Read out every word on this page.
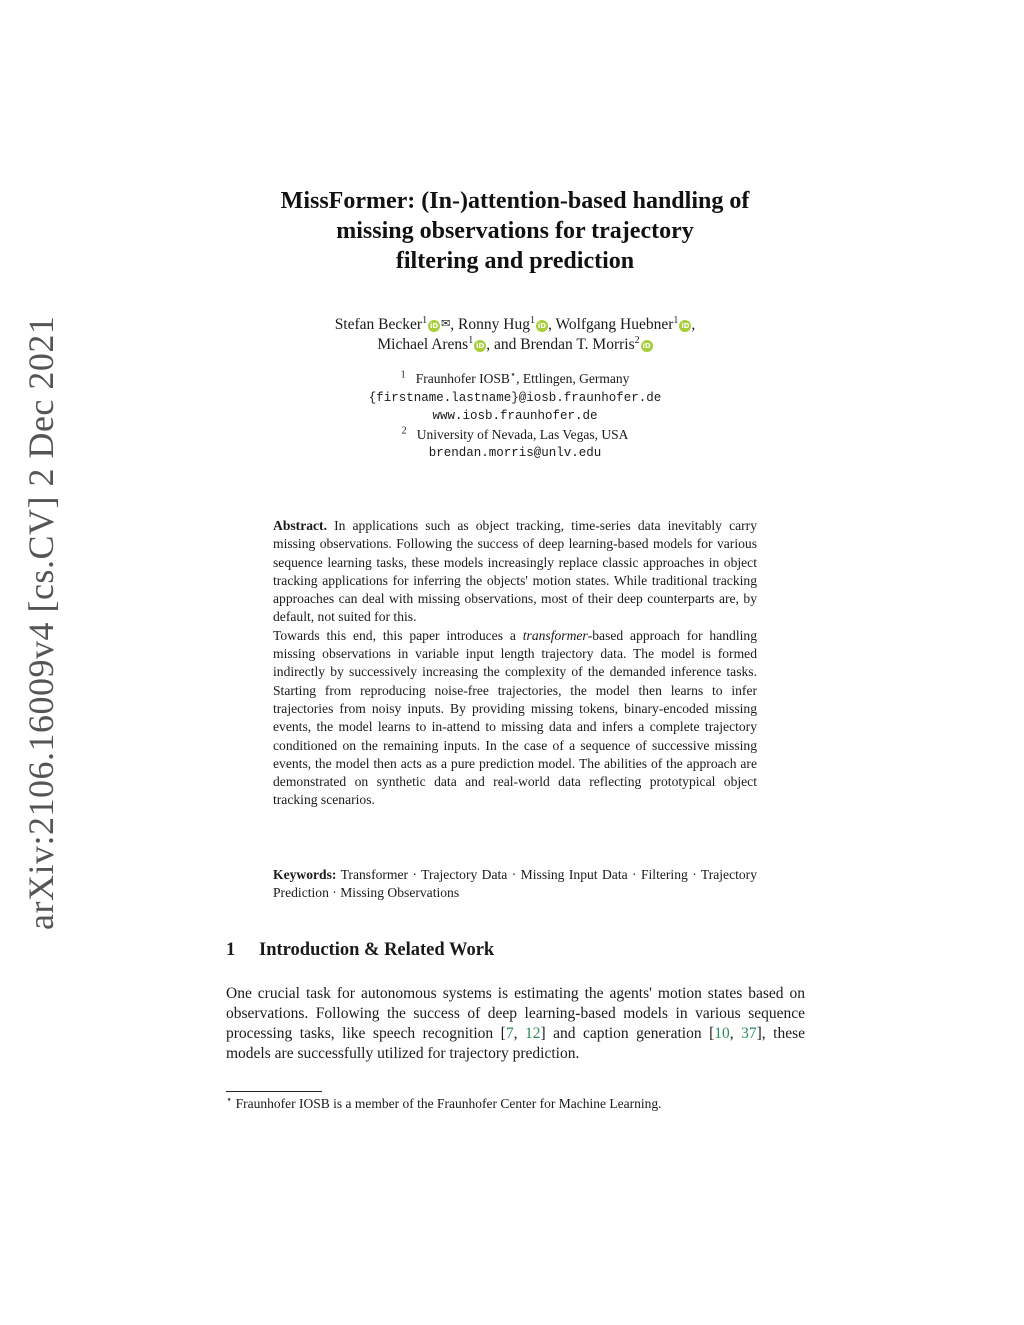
arXiv:2106.16009v4 [cs.CV] 2 Dec 2021
MissFormer: (In-)attention-based handling of
missing observations for trajectory
filtering and prediction
Stefan Becker$^1$iD ✉, Ronny Hug$^1$iD , Wolfgang Huebner$^1$iD ,
Michael Arens$^1$iD , and Brendan T. Morris$^2$iD
$^1$ Fraunhofer IOSB⋆, Ettlingen, Germany
{firstname.lastname}@iosb.fraunhofer.de
www.iosb.fraunhofer.de
$^2$ University of Nevada, Las Vegas, USA
brendan.morris@unlv.edu

Abstract. In applications such as object tracking, time-series data inevitably carry missing observations. Following the success of deep learning-based models for various sequence learning tasks, these models increasingly replace classic approaches in object tracking applications for inferring the objects' motion states. While traditional tracking approaches can deal with missing observations, most of their deep counterparts are, by default, not suited for this.

Towards this end, this paper introduces a transformer-based approach for handling missing observations in variable input length trajectory data. The model is formed indirectly by successively increasing the complexity of the demanded inference tasks. Starting from reproducing noise-free trajectories, the model then learns to infer trajectories from noisy inputs. By providing missing tokens, binary-encoded missing events, the model learns to in-attend to missing data and infers a complete trajectory conditioned on the remaining inputs. In the case of a sequence of successive missing events, the model then acts as a pure prediction model. The abilities of the approach are demonstrated on synthetic data and real-world data reflecting prototypical object tracking scenarios.

Keywords: Transformer · Trajectory Data · Missing Input Data · Filtering · Trajectory Prediction · Missing Observations
1 Introduction & Related Work
One crucial task for autonomous systems is estimating the agents' motion states based on observations. Following the success of deep learning-based models in various sequence processing tasks, like speech recognition [7, 12] and caption generation [10, 37], these models are successfully utilized for trajectory prediction.
⋆ Fraunhofer IOSB is a member of the Fraunhofer Center for Machine Learning.
